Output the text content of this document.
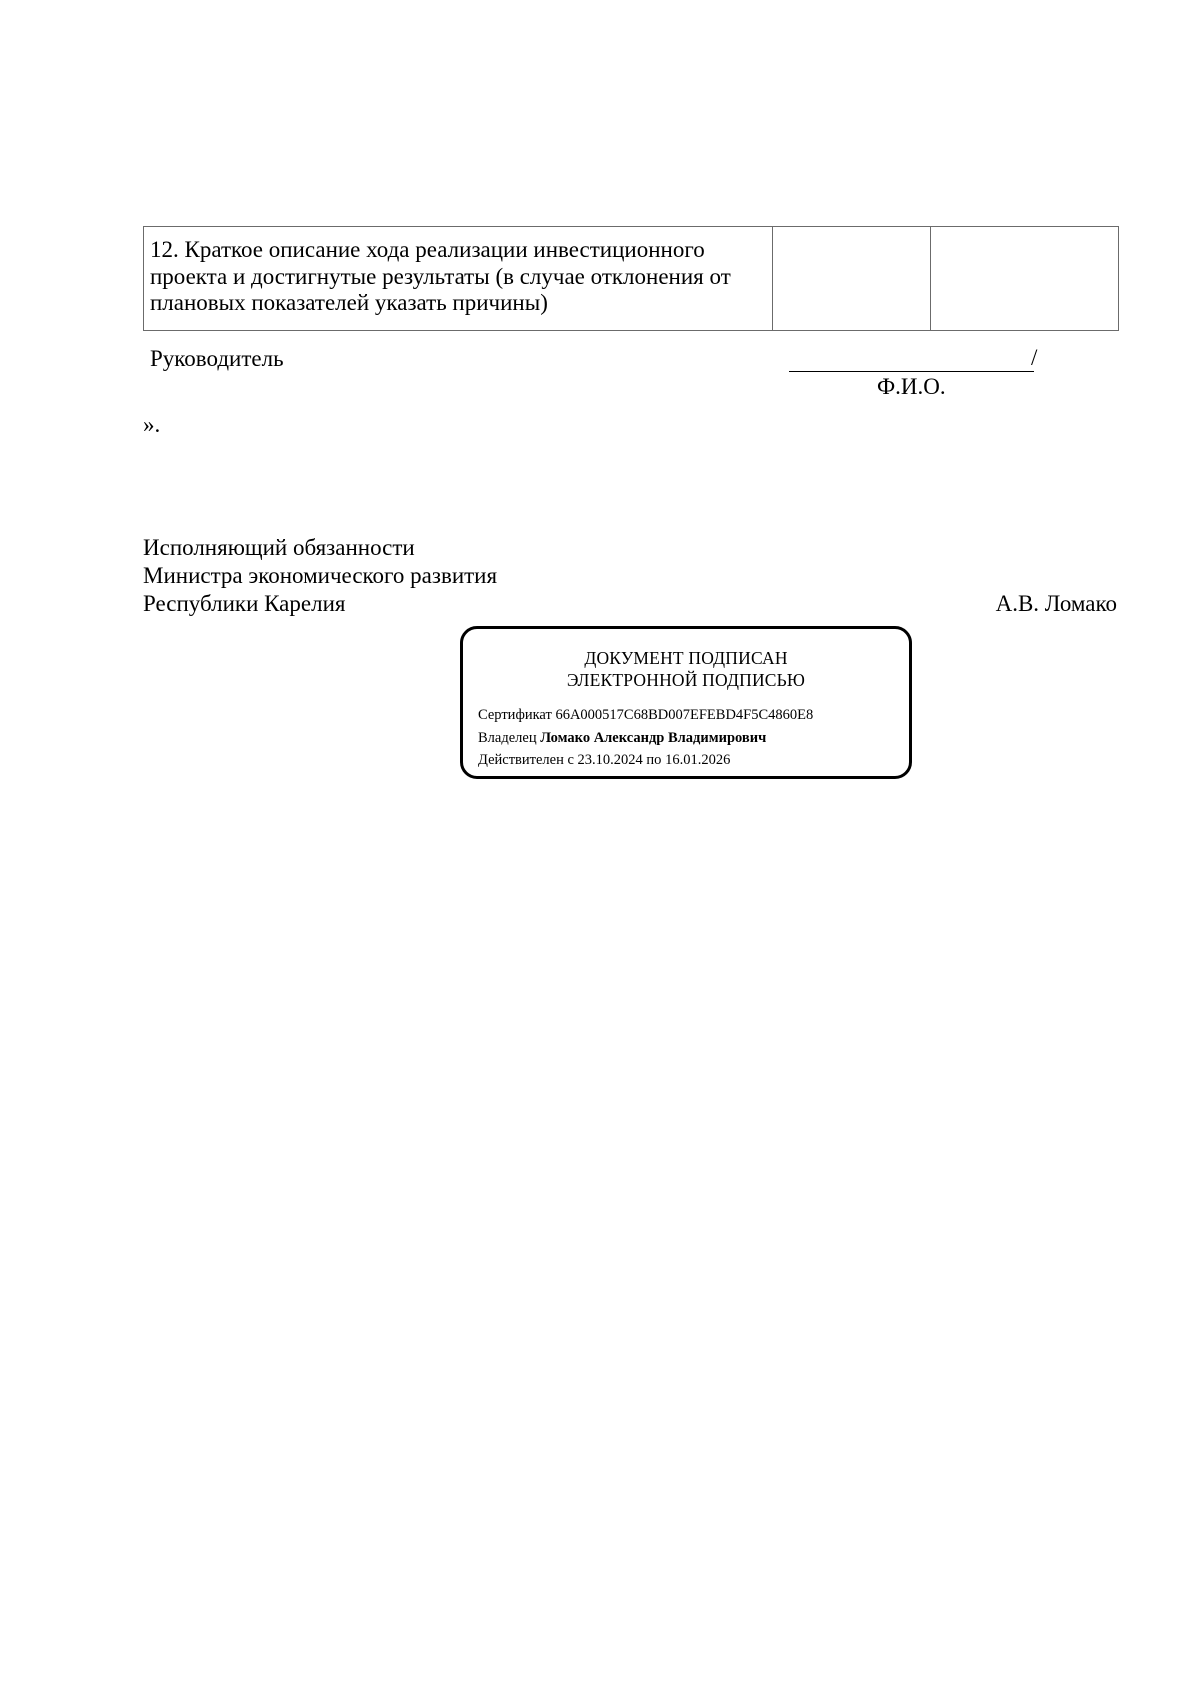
12. Краткое описание хода реализации инвестиционного проекта и достигнутые результаты (в случае отклонения от плановых показателей указать причины)

Руководитель	/
Ф.И.О.
».
Исполняющий обязанности
Министра экономического развития
Республики Карелия	А.В. Ломако
ДОКУМЕНТ ПОДПИСАН
ЭЛЕКТРОННОЙ ПОДПИСЬЮ
Сертификат 66A000517C68BD007EFEBD4F5C4860E8
Владелец Ломако Александр Владимирович
Действителен с 23.10.2024 по 16.01.2026
